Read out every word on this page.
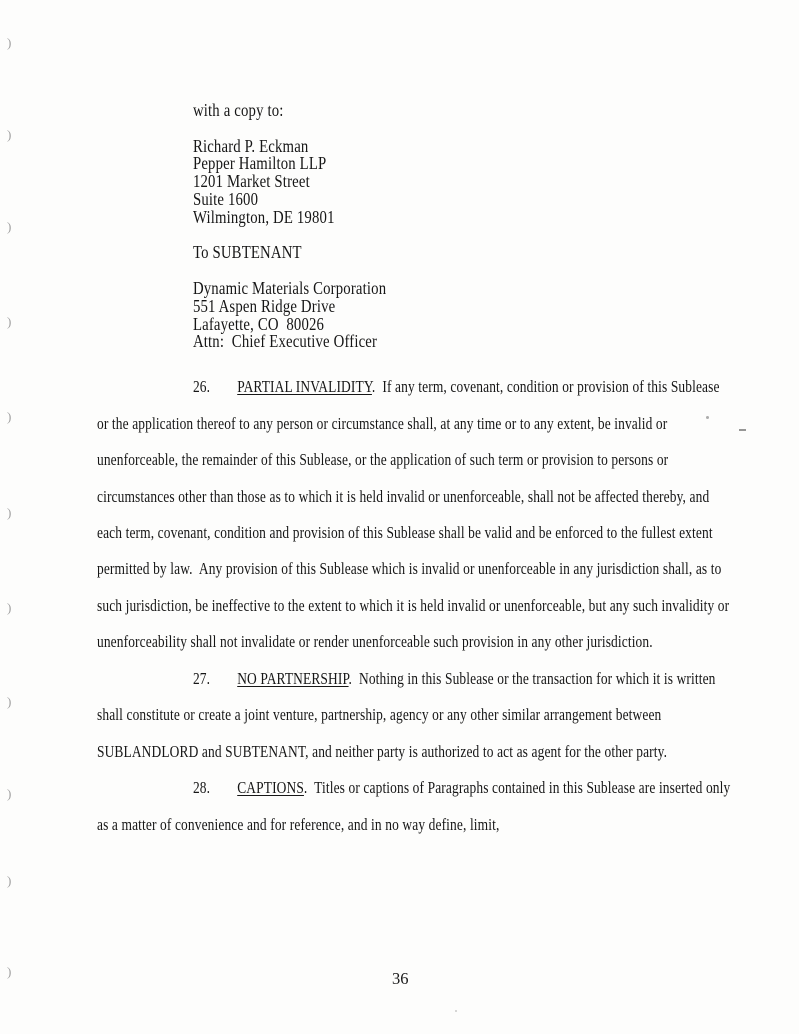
)
)
)
)
)
)
)
)
)
)
)
with a copy to:
Richard P. Eckman
Pepper Hamilton LLP
1201 Market Street
Suite 1600
Wilmington, DE 19801
To SUBTENANT
Dynamic Materials Corporation
551 Aspen Ridge Drive
Lafayette, CO  80026
Attn:  Chief Executive Officer

26. PARTIAL INVALIDITY.  If any term, covenant, condition or provision of this Sublease or the application thereof to any person or circumstance shall, at any time or to any extent, be invalid or unenforceable, the remainder of this Sublease, or the application of such term or provision to persons or circumstances other than those as to which it is held invalid or unenforceable, shall not be affected thereby, and each term, covenant, condition and provision of this Sublease shall be valid and be enforced to the fullest extent permitted by law.  Any provision of this Sublease which is invalid or unenforceable in any jurisdiction shall, as to such jurisdiction, be ineffective to the extent to which it is held invalid or unenforceable, but any such invalidity or unenforceability shall not invalidate or render unenforceable such provision in any other jurisdiction.

27. NO PARTNERSHIP.  Nothing in this Sublease or the transaction for which it is written shall constitute or create a joint venture, partnership, agency or any other similar arrangement between SUBLANDLORD and SUBTENANT, and neither party is authorized to act as agent for the other party.

28. CAPTIONS.  Titles or captions of Paragraphs contained in this Sublease are inserted only as a matter of convenience and for reference, and in no way define, limit,

36
